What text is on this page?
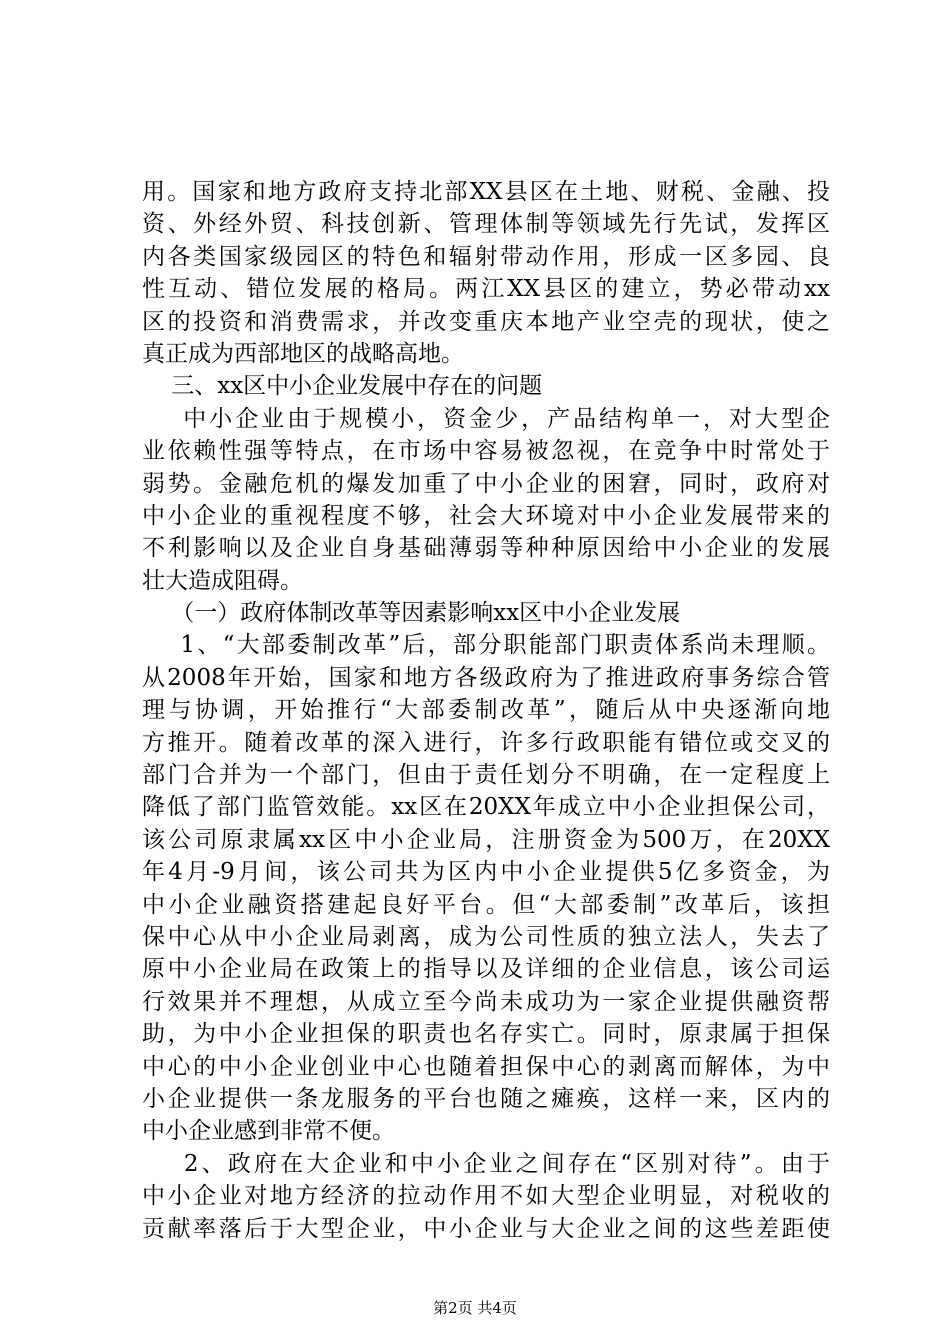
用。国家和地方政府支持北部XX县区在土地、财税、金融、投
资、外经外贸、科技创新、管理体制等领域先行先试，发挥区
内各类国家级园区的特色和辐射带动作用，形成一区多园、良
性互动、错位发展的格局。两江XX县区的建立，势必带动xx
区的投资和消费需求，并改变重庆本地产业空壳的现状，使之
真正成为西部地区的战略高地。
三、xx区中小企业发展中存在的问题
中小企业由于规模小，资金少，产品结构单一，对大型企
业依赖性强等特点，在市场中容易被忽视，在竞争中时常处于
弱势。金融危机的爆发加重了中小企业的困窘，同时，政府对
中小企业的重视程度不够，社会大环境对中小企业发展带来的
不利影响以及企业自身基础薄弱等种种原因给中小企业的发展
壮大造成阻碍。
（一）政府体制改革等因素影响xx区中小企业发展
1、“大部委制改革”后，部分职能部门职责体系尚未理顺。
从2008年开始，国家和地方各级政府为了推进政府事务综合管
理与协调，开始推行“大部委制改革”，随后从中央逐渐向地
方推开。随着改革的深入进行，许多行政职能有错位或交叉的
部门合并为一个部门，但由于责任划分不明确，在一定程度上
降低了部门监管效能。xx区在20XX年成立中小企业担保公司，
该公司原隶属xx区中小企业局，注册资金为500万，在20XX
年4月-9月间，该公司共为区内中小企业提供5亿多资金，为
中小企业融资搭建起良好平台。但“大部委制”改革后，该担
保中心从中小企业局剥离，成为公司性质的独立法人，失去了
原中小企业局在政策上的指导以及详细的企业信息，该公司运
行效果并不理想，从成立至今尚未成功为一家企业提供融资帮
助，为中小企业担保的职责也名存实亡。同时，原隶属于担保
中心的中小企业创业中心也随着担保中心的剥离而解体，为中
小企业提供一条龙服务的平台也随之瘫痪，这样一来，区内的
中小企业感到非常不便。
2、政府在大企业和中小企业之间存在“区别对待”。由于
中小企业对地方经济的拉动作用不如大型企业明显，对税收的
贡献率落后于大型企业，中小企业与大企业之间的这些差距使
第2页 共4页
